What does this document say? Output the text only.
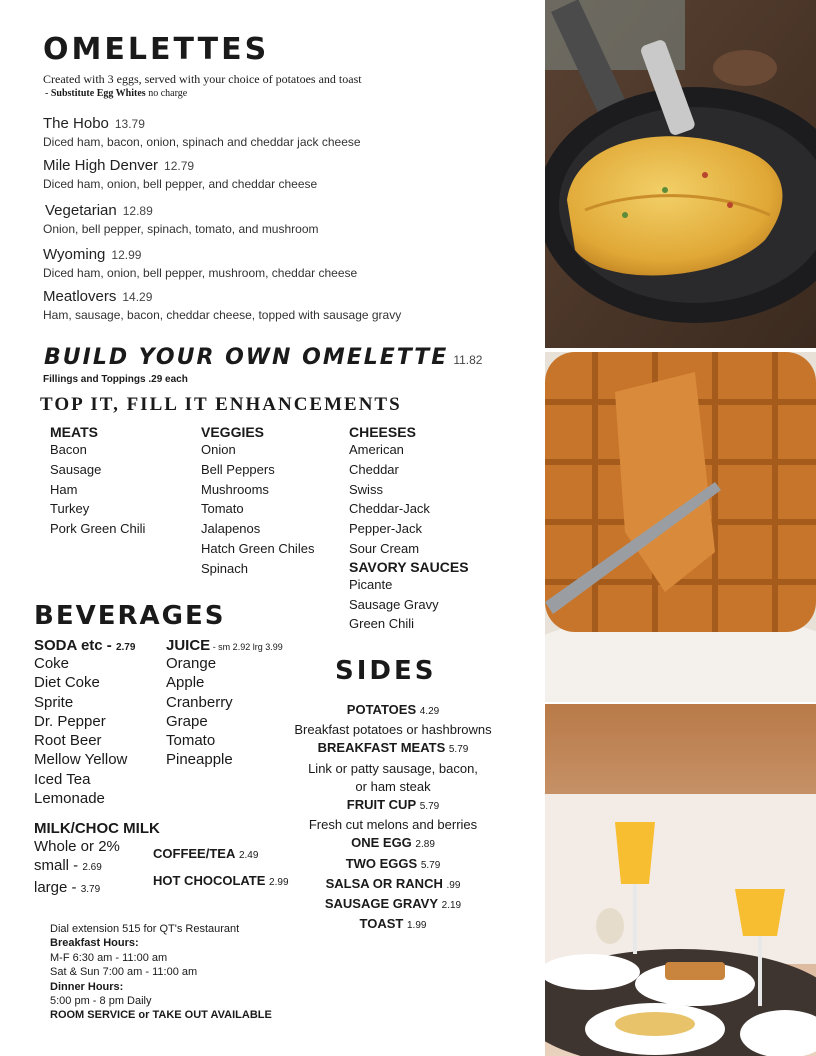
OMELETTES
Created with 3 eggs, served with your choice of potatoes and toast
- Substitute Egg Whites no charge
The Hobo 13.79
Diced ham, bacon, onion, spinach and cheddar jack cheese
Mile High Denver 12.79
Diced ham, onion, bell pepper, and cheddar cheese
Vegetarian 12.89
Onion, bell pepper, spinach, tomato, and mushroom
Wyoming 12.99
Diced ham, onion, bell pepper, mushroom, cheddar cheese
Meatlovers 14.29
Ham, sausage, bacon, cheddar cheese, topped with sausage gravy
BUILD YOUR OWN OMELETTE 11.82
Fillings and Toppings .29 each
TOP IT, FILL IT ENHANCEMENTS
MEATS
Bacon
Sausage
Ham
Turkey
Pork Green Chili
VEGGIES
Onion
Bell Peppers
Mushrooms
Tomato
Jalapenos
Hatch Green Chiles
Spinach
CHEESES
American
Cheddar
Swiss
Cheddar-Jack
Pepper-Jack
Sour Cream
SAVORY SAUCES
Picante
Sausage Gravy
Green Chili
BEVERAGES
SODA etc - 2.79
Coke
Diet Coke
Sprite
Dr. Pepper
Root Beer
Mellow Yellow
Iced Tea
Lemonade
JUICE - sm 2.92 lrg 3.99
Orange
Apple
Cranberry
Grape
Tomato
Pineapple
MILK/CHOC MILK
Whole or 2%
small - 2.69
large - 3.79
COFFEE/TEA 2.49
HOT CHOCOLATE 2.99
SIDES
POTATOES 4.29
Breakfast potatoes or hashbrowns
BREAKFAST MEATS 5.79
Link or patty sausage, bacon,
or ham steak
FRUIT CUP 5.79
Fresh cut melons and berries
ONE EGG 2.89
TWO EGGS 5.79
SALSA OR RANCH .99
SAUSAGE GRAVY 2.19
TOAST 1.99
Dial extension 515 for QT's Restaurant
Breakfast Hours:
M-F 6:30 am - 11:00 am
Sat & Sun 7:00 am - 11:00 am
Dinner Hours:
5:00 pm - 8 pm Daily
ROOM SERVICE or TAKE OUT AVAILABLE
